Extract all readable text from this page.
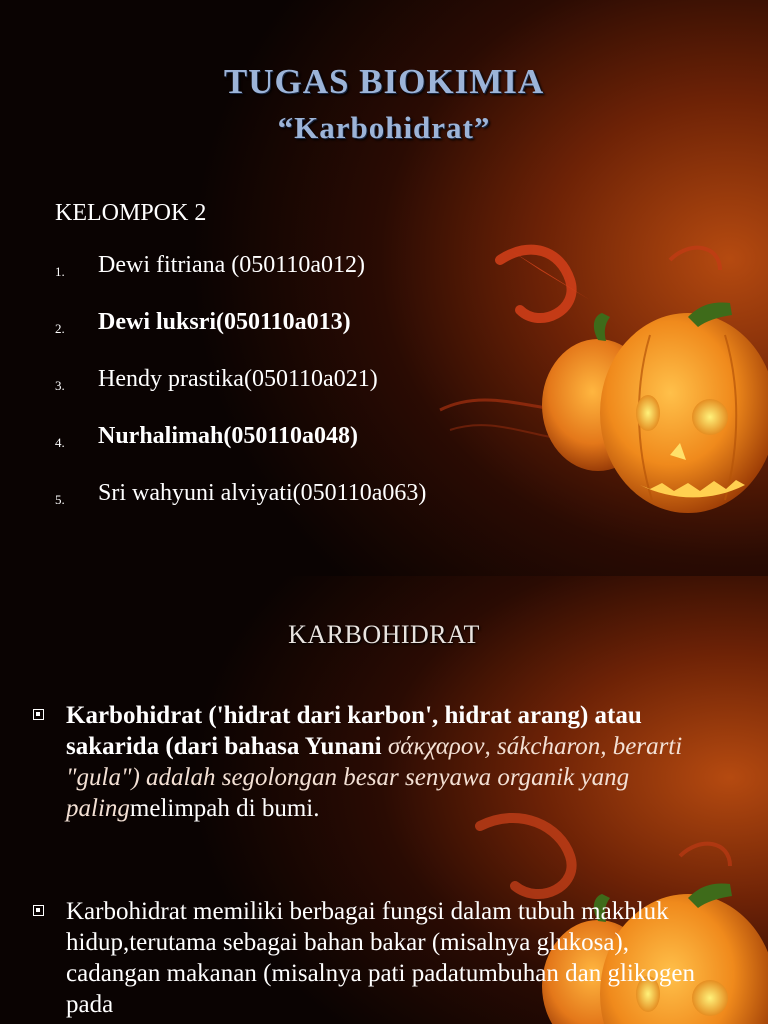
TUGAS BIOKIMIA
“Karbohidrat”
KELOMPOK 2
1. Dewi fitriana (050110a012)
2. Dewi luksri(050110a013)
3. Hendy prastika(050110a021)
4. Nurhalimah(050110a048)
5. Sri wahyuni alviyati(050110a063)
KARBOHIDRAT
Karbohidrat ('hidrat dari karbon', hidrat arang) atau sakarida (dari bahasa Yunani σάκχαρον, sákcharon, berarti "gula") adalah segolongan besar senyawa organik yang palingmelimpah di bumi.
Karbohidrat memiliki berbagai fungsi dalam tubuh makhluk hidup,terutama sebagai bahan bakar (misalnya glukosa), cadangan makanan (misalnya pati padatumbuhan dan glikogen pada
